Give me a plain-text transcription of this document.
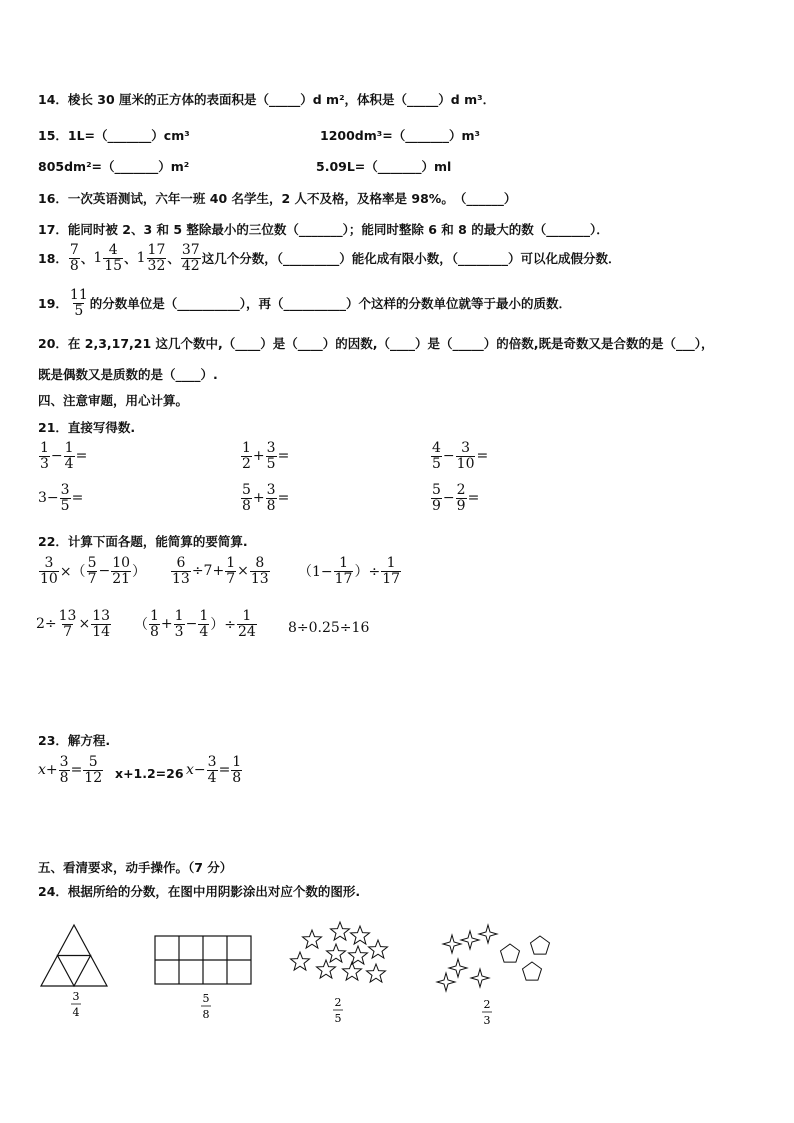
14．棱长 30 厘米的正方体的表面积是（_____）d m²，体积是（_____）d m³．
15．1L=（_______）cm³	1200dm³=（_______）m³
805dm²=（_______）m²	5.09L=（_______）ml
16．一次英语测试，六年一班 40 名学生，2 人不及格，及格率是 98%。　（______）
17．能同时被 2、3 和 5 整除最小的三位数（_______）；能同时整除 6 和 8 的最大的数（_______）．
18． $\frac{7}{8}$ 、 $1 \frac{4}{15}$ 、 $1 \frac{17}{32}$ 、 $\frac{37}{42}$ 这几个分数，（_________）能化成有限小数，（________）可以化成假分数．
19． $\frac{11}{5}$ 的分数单位是（__________），再（__________）个这样的分数单位就等于最小的质数．
20．在 2,3,17,21 这几个数中,（____）是（____）的因数,（____）是（_____）的倍数,既是奇数又是合数的是（___），
既是偶数又是质数的是（____）.
四、注意审题，用心计算。
21．直接写得数.
$\frac{1}{3} - \frac{1}{4}$ =	$\frac{1}{2} + \frac{3}{5}$ =	$\frac{4}{5} - \frac{3}{10}$ =
$3- \frac{3}{5}$ =	$\frac{5}{8} + \frac{3}{8}$ =	$\frac{5}{9} - \frac{2}{9}$ =
22．计算下面各题，能简算的要简算.
$\frac{3}{10}$ ×（ $\frac{5}{7} - \frac{10}{21}$ ） $\frac{6}{13} \div 7+ \frac{1}{7} \times \frac{8}{13} (1- \frac{1}{17}$ ）÷ $\frac{1}{17}$
$2\div \frac{13}{7} \times \frac{13}{14}$ （ $\frac{1}{8} + \frac{1}{3} - \frac{1}{4}$ ）÷ $\frac{1}{24} 8\div 0.25\div 16$
23．解方程.
$x+ \frac{3}{8} = \frac{5}{12} x+1.2=26$ $x- \frac{3}{4} = \frac{1}{8}$
五、看清要求，动手操作。（7 分）
24．根据所给的分数，在图中用阴影涂出对应个数的图形.
3
4
5
8
2
5
2
3
